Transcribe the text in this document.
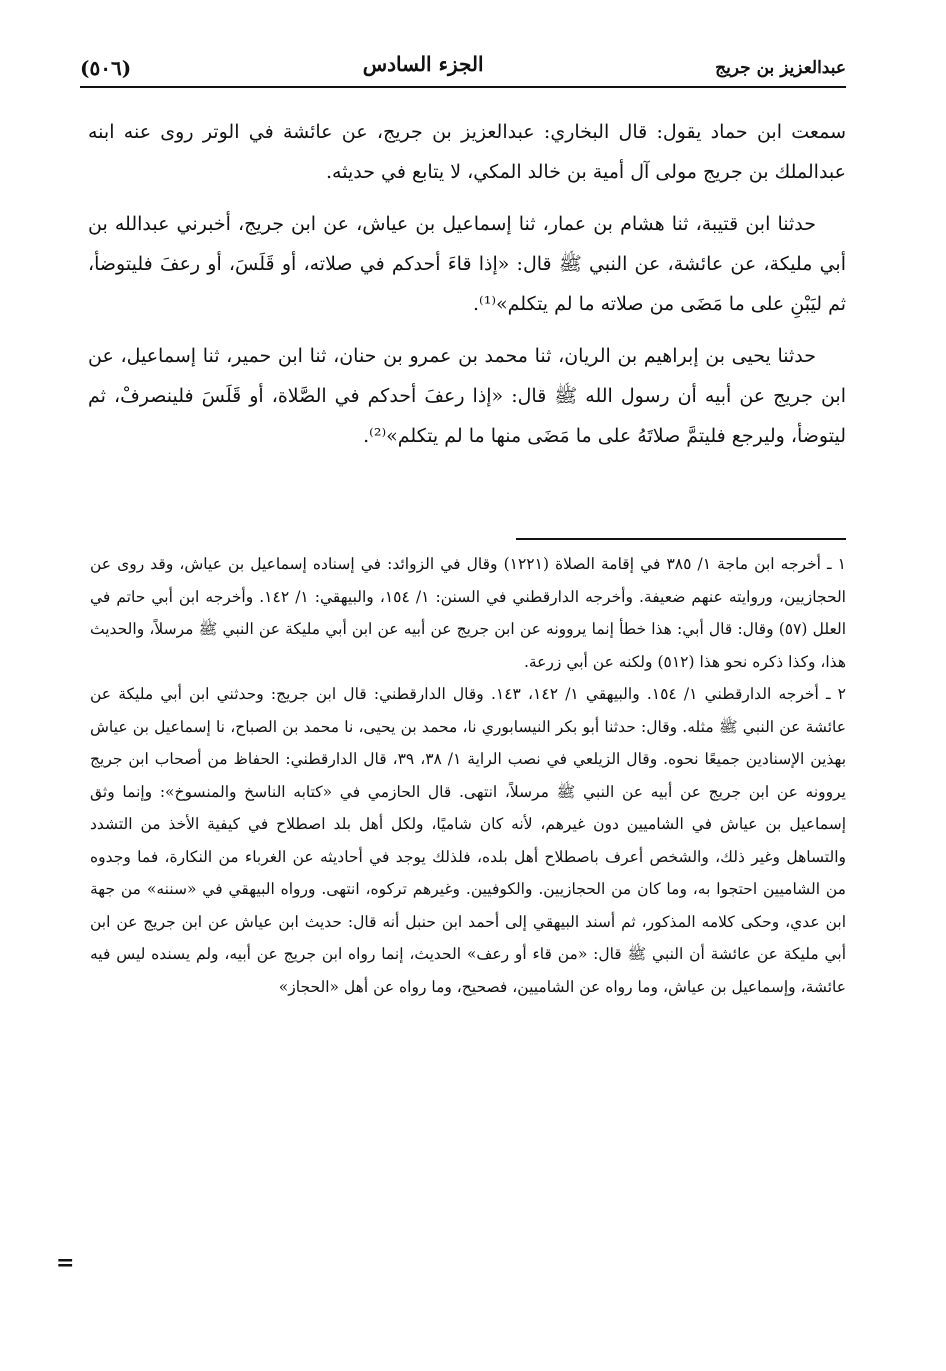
عبدالعزيز بن جريج
الجزء السادس
(٥٠٦)

سمعت ابن حماد يقول: قال البخاري: عبدالعزيز بن جريج، عن عائشة في الوتر روى عنه ابنه عبدالملك بن جريج مولى آل أمية بن خالد المكي، لا يتابع في حديثه.

حدثنا ابن قتيبة، ثنا هشام بن عمار، ثنا إسماعيل بن عياش، عن ابن جريج، أخبرني عبدالله بن أبي مليكة، عن عائشة، عن النبي ﷺ قال: «إذا قاءَ أحدكم في صلاته، أو قَلَسَ، أو رعفَ فليتوضأ، ثم ليَبْنِ على ما مَضَى من صلاته ما لم يتكلم»⁽¹⁾.

حدثنا يحيى بن إبراهيم بن الريان، ثنا محمد بن عمرو بن حنان، ثنا ابن حمير، ثنا إسماعيل، عن ابن جريج عن أبيه أن رسول الله ﷺ قال: «إذا رعفَ أحدكم في الصَّلاة، أو قَلَسَ فلينصرفْ، ثم ليتوضأ، وليرجع فليتمَّ صلاتَهُ على ما مَضَى منها ما لم يتكلم»⁽²⁾.

١ ـ أخرجه ابن ماجة ١/ ٣٨٥ في إقامة الصلاة (١٢٢١) وقال في الزوائد: في إسناده إسماعيل بن عياش، وقد روى عن الحجازيين، وروايته عنهم ضعيفة. وأخرجه الدارقطني في السنن: ١/ ١٥٤، والبيهقي: ١/ ١٤٢. وأخرجه ابن أبي حاتم في العلل (٥٧) وقال: قال أبي: هذا خطأ إنما يروونه عن ابن جريج عن أبيه عن ابن أبي مليكة عن النبي ﷺ مرسلاً، والحديث هذا، وكذا ذكره نحو هذا (٥١٢) ولكنه عن أبي زرعة.

٢ ـ أخرجه الدارقطني ١/ ١٥٤. والبيهقي ١/ ١٤٢، ١٤٣. وقال الدارقطني: قال ابن جريج: وحدثني ابن أبي مليكة عن عائشة عن النبي ﷺ مثله. وقال: حدثنا أبو بكر النيسابوري نا، محمد بن يحيى، نا محمد بن الصباح، نا إسماعيل بن عياش بهذين الإسنادين جميعًا نحوه. وقال الزيلعي في نصب الراية ١/ ٣٨، ٣٩، قال الدارقطني: الحفاظ من أصحاب ابن جريج يروونه عن ابن جريج عن أبيه عن النبي ﷺ مرسلاً، انتهى. قال الحازمي في «كتابه الناسخ والمنسوخ»: وإنما وثق إسماعيل بن عياش في الشاميين دون غيرهم، لأنه كان شاميًا، ولكل أهل بلد اصطلاح في كيفية الأخذ من التشدد والتساهل وغير ذلك، والشخص أعرف باصطلاح أهل بلده، فلذلك يوجد في أحاديثه عن الغرباء من النكارة، فما وجدوه من الشاميين احتجوا به، وما كان من الحجازيين. والكوفيين. وغيرهم تركوه، انتهى. ورواه البيهقي في «سننه» من جهة ابن عدي، وحكى كلامه المذكور، ثم أسند البيهقي إلى أحمد ابن حنبل أنه قال: حديث ابن عياش عن ابن جريج عن ابن أبي مليكة عن عائشة أن النبي ﷺ قال: «من قاء أو رعف» الحديث، إنما رواه ابن جريج عن أبيه، ولم يسنده ليس فيه عائشة، وإسماعيل بن عياش، وما رواه عن الشاميين، فصحيح، وما رواه عن أهل «الحجاز»

=
